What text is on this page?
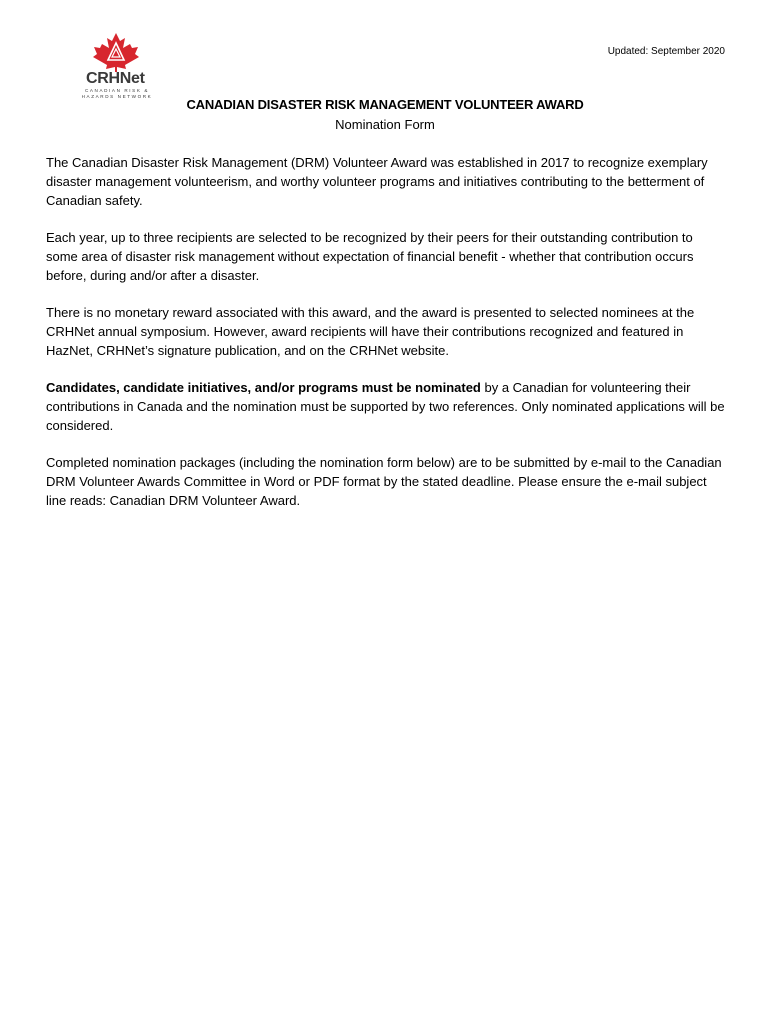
CRHNet
CANADIAN RISK & HAZARDS NETWORK
Updated: September 2020
CANADIAN DISASTER RISK MANAGEMENT VOLUNTEER AWARD
Nomination Form

The Canadian Disaster Risk Management (DRM) Volunteer Award was established in 2017 to recognize exemplary disaster management volunteerism, and worthy volunteer programs and initiatives contributing to the betterment of Canadian safety.

Each year, up to three recipients are selected to be recognized by their peers for their outstanding contribution to some area of disaster risk management without expectation of financial benefit - whether that contribution occurs before, during and/or after a disaster.

There is no monetary reward associated with this award, and the award is presented to selected nominees at the CRHNet annual symposium. However, award recipients will have their contributions recognized and featured in HazNet, CRHNet’s signature publication, and on the CRHNet website.

Candidates, candidate initiatives, and/or programs must be nominated by a Canadian for volunteering their contributions in Canada and the nomination must be supported by two references. Only nominated applications will be considered.

Completed nomination packages (including the nomination form below) are to be submitted by e-mail to the Canadian DRM Volunteer Awards Committee in Word or PDF format by the stated deadline. Please ensure the e-mail subject line reads: Canadian DRM Volunteer Award.
